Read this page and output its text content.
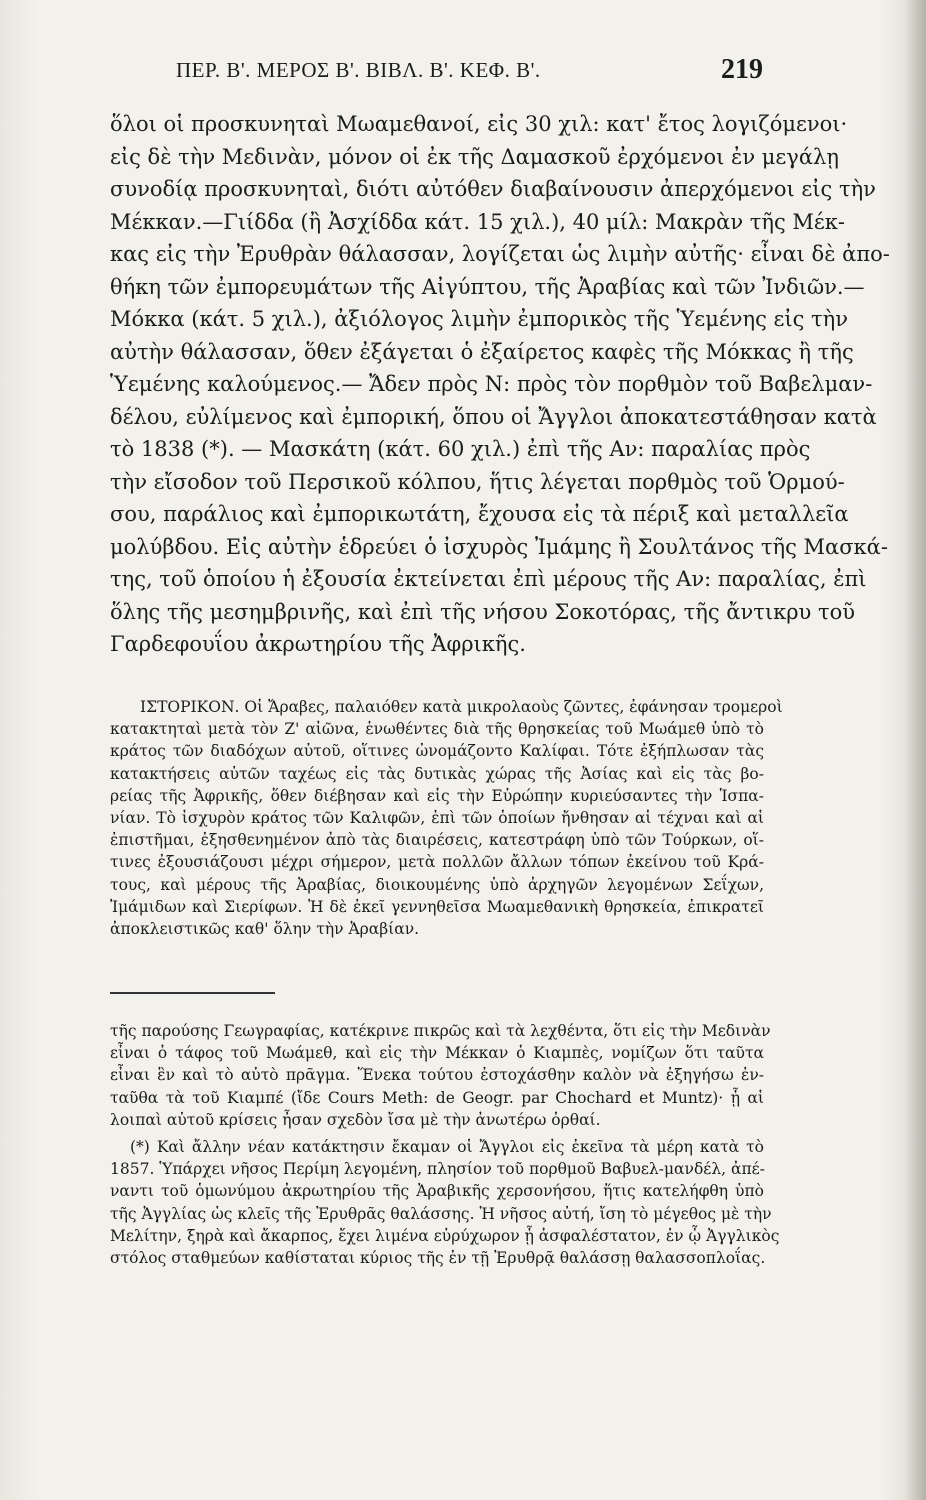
ΠΕΡ. Β'. ΜΕΡΟΣ Β'. ΒΙΒΛ. Β'. ΚΕΦ. Β'.	219
ὅλοι οἱ προσκυνηταὶ Μωαμεθανοί, εἰς 30 χιλ: κατ' ἔτος λογιζόμενοι·
εἰς δὲ τὴν Μεδινὰν, μόνον οἱ ἐκ τῆς Δαμασκοῦ ἐρχόμενοι ἐν μεγάλῃ
συνοδίᾳ προσκυνηταὶ, διότι αὐτόθεν διαβαίνουσιν ἀπερχόμενοι εἰς τὴν
Μέκκαν.—Γιίδδα (ἢ Ἀσχίδδα κάτ. 15 χιλ.), 40 μίλ: Μακρὰν τῆς Μέκ-
κας εἰς τὴν Ἐρυθρὰν θάλασσαν, λογίζεται ὡς λιμὴν αὐτῆς· εἶναι δὲ ἀπο-
θήκη τῶν ἐμπορευμάτων τῆς Αἰγύπτου, τῆς Ἀραβίας καὶ τῶν Ἰνδιῶν.—
Μόκκα (κάτ. 5 χιλ.), ἀξιόλογος λιμὴν ἐμπορικὸς τῆς Ὑεμένης εἰς τὴν
αὐτὴν θάλασσαν, ὅθεν ἐξάγεται ὁ ἐξαίρετος καφὲς τῆς Μόκκας ἢ τῆς
Ὑεμένης καλούμενος.— Ἄδεν πρὸς Ν: πρὸς τὸν πορθμὸν τοῦ Βαβελμαν-
δέλου, εὐλίμενος καὶ ἐμπορική, ὅπου οἱ Ἄγγλοι ἀποκατεστάθησαν κατὰ
τὸ 1838 (*). — Μασκάτη (κάτ. 60 χιλ.) ἐπὶ τῆς Αν: παραλίας πρὸς
τὴν εἴσοδον τοῦ Περσικοῦ κόλπου, ἥτις λέγεται πορθμὸς τοῦ Ὁρμού-
σου, παράλιος καὶ ἐμπορικωτάτη, ἔχουσα εἰς τὰ πέριξ καὶ μεταλλεῖα
μολύβδου. Εἰς αὐτὴν ἑδρεύει ὁ ἰσχυρὸς Ἰμάμης ἢ Σουλτάνος τῆς Μασκά-
της, τοῦ ὁποίου ἡ ἐξουσία ἐκτείνεται ἐπὶ μέρους τῆς Αν: παραλίας, ἐπὶ
ὅλης τῆς μεσημβρινῆς, καὶ ἐπὶ τῆς νήσου Σοκοτόρας, τῆς ἄντικρυ τοῦ
Γαρδεφουΐου ἀκρωτηρίου τῆς Ἀφρικῆς.
ΙΣΤΟΡΙΚΟΝ. Οἱ Ἄραβες, παλαιόθεν κατὰ μικρολαοὺς ζῶντες, ἐφάνησαν τρομεροὶ
κατακτηταὶ μετὰ τὸν Ζ' αἰῶνα, ἑνωθέντες διὰ τῆς θρησκείας τοῦ Μωάμεθ ὑπὸ τὸ
κράτος τῶν διαδόχων αὐτοῦ, οἵτινες ὠνομάζοντο Καλίφαι. Τότε ἐξήπλωσαν τὰς
κατακτήσεις αὐτῶν ταχέως εἰς τὰς δυτικὰς χώρας τῆς Ἀσίας καὶ εἰς τὰς βο-
ρείας τῆς Ἀφρικῆς, ὅθεν διέβησαν καὶ εἰς τὴν Εὐρώπην κυριεύσαντες τὴν Ἱσπα-
νίαν. Τὸ ἰσχυρὸν κράτος τῶν Καλιφῶν, ἐπὶ τῶν ὁποίων ἤνθησαν αἱ τέχναι καὶ αἱ
ἐπιστῆμαι, ἐξησθενημένον ἀπὸ τὰς διαιρέσεις, κατεστράφη ὑπὸ τῶν Τούρκων, οἵ-
τινες ἐξουσιάζουσι μέχρι σήμερον, μετὰ πολλῶν ἄλλων τόπων ἐκείνου τοῦ Κρά-
τους, καὶ μέρους τῆς Ἀραβίας, διοικουμένης ὑπὸ ἀρχηγῶν λεγομένων Σεΐχων,
Ἰμάμιδων καὶ Σιερίφων. Ἡ δὲ ἐκεῖ γεννηθεῖσα Μωαμεθανικὴ θρησκεία, ἐπικρατεῖ
ἀποκλειστικῶς καθ' ὅλην τὴν Ἀραβίαν.
τῆς παρούσης Γεωγραφίας, κατέκρινε πικρῶς καὶ τὰ λεχθέντα, ὅτι εἰς τὴν Μεδινὰν
εἶναι ὁ τάφος τοῦ Μωάμεθ, καὶ εἰς τὴν Μέκκαν ὁ Κιαμπὲς, νομίζων ὅτι ταῦτα
εἶναι ἓν καὶ τὸ αὐτὸ πρᾶγμα. Ἕνεκα τούτου ἐστοχάσθην καλὸν νὰ ἐξηγήσω ἐν-
ταῦθα τὰ τοῦ Κιαμπέ (ἴδε Cours Meth: de Geogr. par Chochard et Muntz)· ᾗ αἱ
λοιπαὶ αὐτοῦ κρίσεις ἦσαν σχεδὸν ἴσα μὲ τὴν ἀνωτέρω ὀρθαί.
(*) Καὶ ἄλλην νέαν κατάκτησιν ἔκαμαν οἱ Ἄγγλοι εἰς ἐκεῖνα τὰ μέρη κατὰ τὸ
1857. Ὑπάρχει νῆσος Περίμη λεγομένη, πλησίον τοῦ πορθμοῦ Βαβυελ-μανδέλ, ἀπέ-
ναντι τοῦ ὁμωνύμου ἀκρωτηρίου τῆς Ἀραβικῆς χερσονήσου, ἥτις κατελήφθη ὑπὸ
τῆς Ἀγγλίας ὡς κλεῖς τῆς Ἐρυθρᾶς θαλάσσης. Ἡ νῆσος αὐτή, ἴση τὸ μέγεθος μὲ τὴν
Μελίτην, ξηρὰ καὶ ἄκαρπος, ἔχει λιμένα εὐρύχωρον ᾗ ἀσφαλέστατον, ἐν ᾧ Ἀγγλικὸς
στόλος σταθμεύων καθίσταται κύριος τῆς ἐν τῇ Ἐρυθρᾷ θαλάσσῃ θαλασσοπλοΐας.
